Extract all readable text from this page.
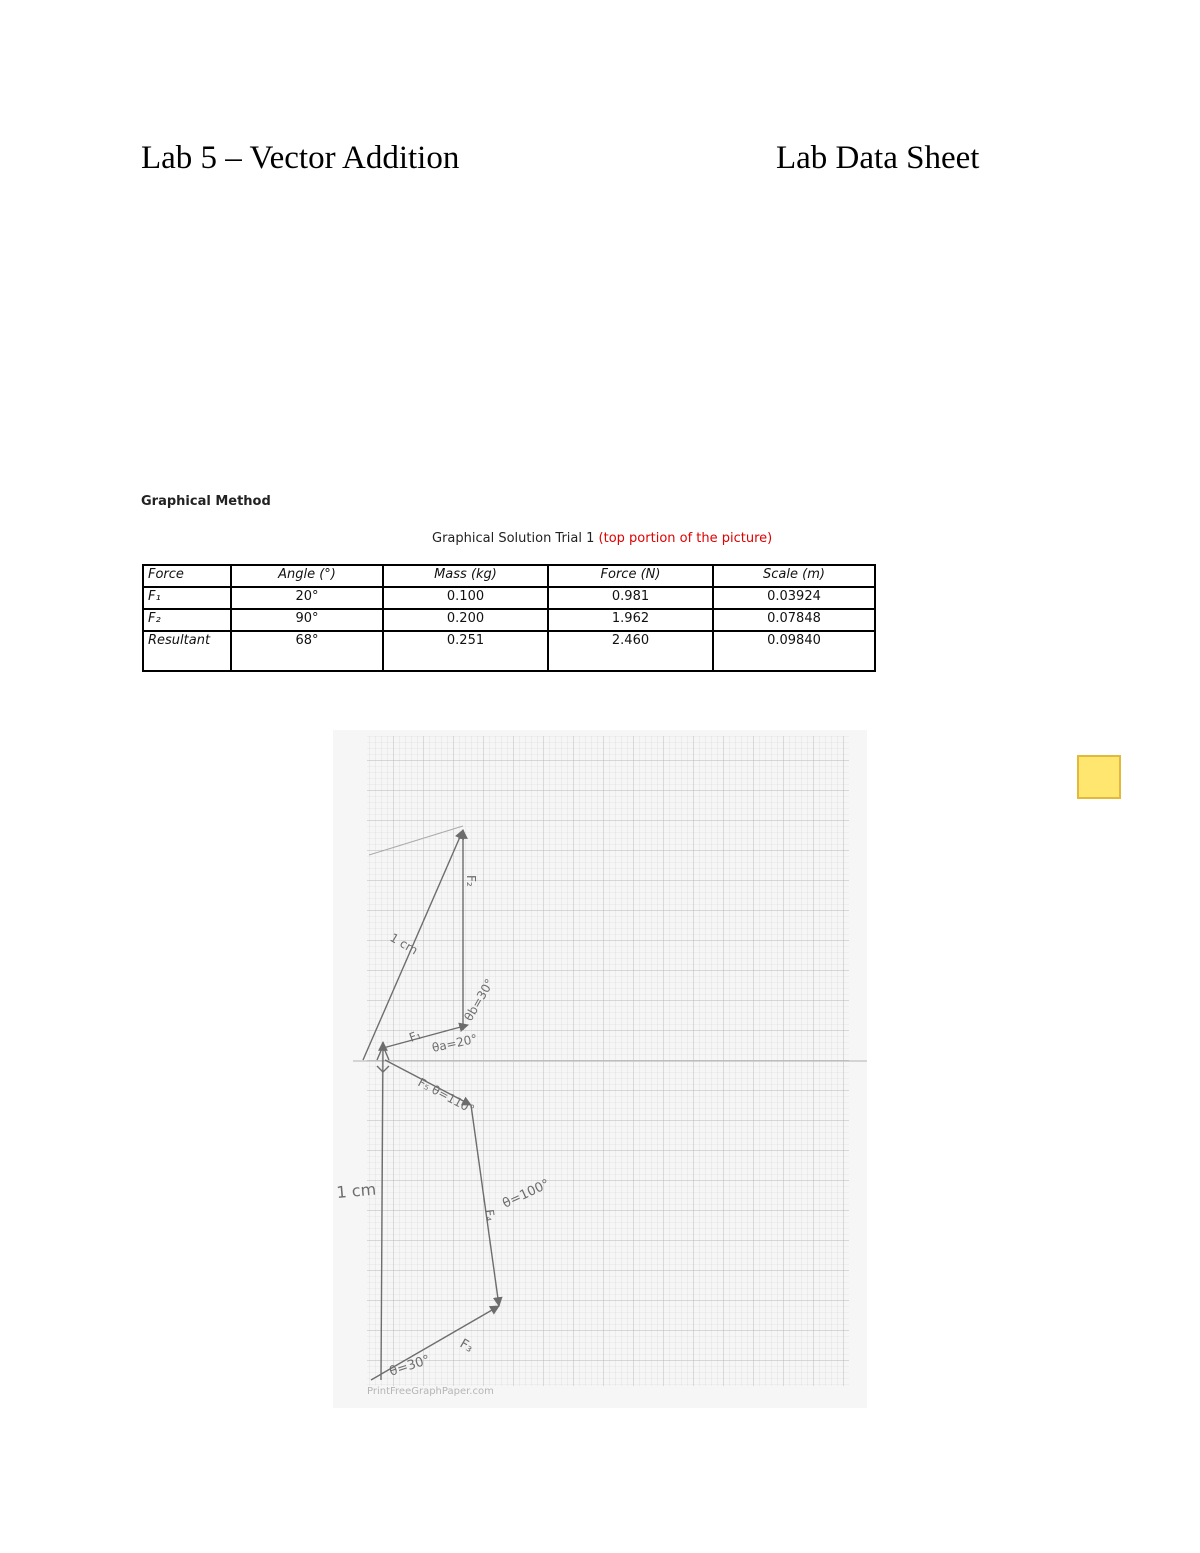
Lab 5 – Vector Addition	Lab Data Sheet
Graphical Method
Graphical Solution Trial 1 (top portion of the picture)
Force	Angle (°)	Mass (kg)	Force (N)	Scale (m)
F₁	20°	0.100	0.981	0.03924
F₂	90°	0.200	1.962	0.07848
Resultant	68°	0.251	2.460	0.09840
1 cm
F₂
F₁
θb=30°
θa=20°
1 cm
F₅ θ=110°
F₄
θ=100°
F₃
θ=30°
PrintFreeGraphPaper.com
